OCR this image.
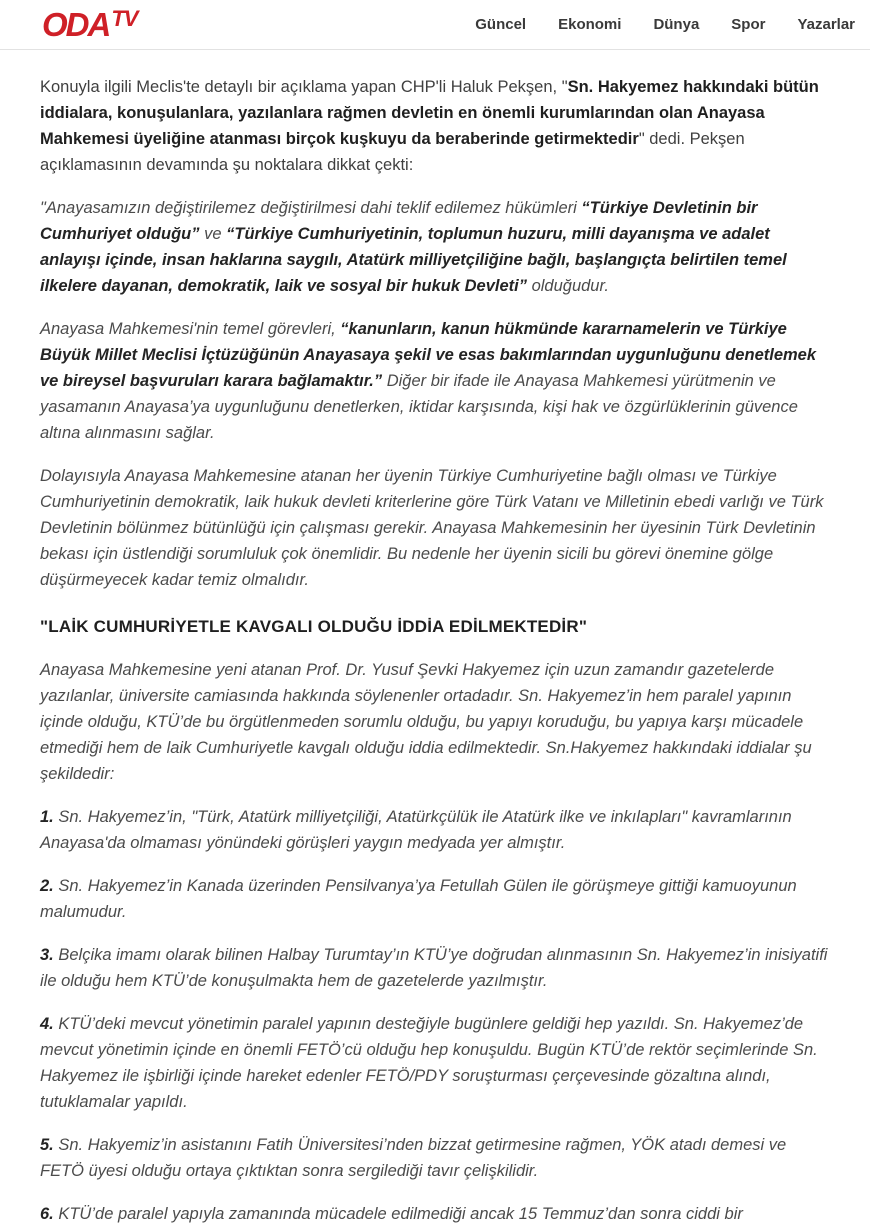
ODATV	Güncel Ekonomi Dünya Spor Yazarlar

Konuyla ilgili Meclis'te detaylı bir açıklama yapan CHP'li Haluk Pekşen, "Sn. Hakyemez hakkındaki bütün iddialara, konuşulanlara, yazılanlara rağmen devletin en önemli kurumlarından olan Anayasa Mahkemesi üyeliğine atanması birçok kuşkuyu da beraberinde getirmektedir" dedi. Pekşen açıklamasının devamında şu noktalara dikkat çekti:

"Anayasamızın değiştirilemez değiştirilmesi dahi teklif edilemez hükümleri “Türkiye Devletinin bir Cumhuriyet olduğu” ve “Türkiye Cumhuriyetinin, toplumun huzuru, milli dayanışma ve adalet anlayışı içinde, insan haklarına saygılı, Atatürk milliyetçiliğine bağlı, başlangıçta belirtilen temel ilkelere dayanan, demokratik, laik ve sosyal bir hukuk Devleti” olduğudur.

Anayasa Mahkemesi'nin temel görevleri, “kanunların, kanun hükmünde kararnamelerin ve Türkiye Büyük Millet Meclisi İçtüzüğünün Anayasaya şekil ve esas bakımlarından uygunluğunu denetlemek ve bireysel başvuruları karara bağlamaktır.” Diğer bir ifade ile Anayasa Mahkemesi yürütmenin ve yasamanın Anayasa’ya uygunluğunu denetlerken, iktidar karşısında, kişi hak ve özgürlüklerinin güvence altına alınmasını sağlar.

Dolayısıyla Anayasa Mahkemesine atanan her üyenin Türkiye Cumhuriyetine bağlı olması ve Türkiye Cumhuriyetinin demokratik, laik hukuk devleti kriterlerine göre Türk Vatanı ve Milletinin ebedi varlığı ve Türk Devletinin bölünmez bütünlüğü için çalışması gerekir. Anayasa Mahkemesinin her üyesinin Türk Devletinin bekası için üstlendiği sorumluluk çok önemlidir. Bu nedenle her üyenin sicili bu görevi önemine gölge düşürmeyecek kadar temiz olmalıdır.

"LAİK CUMHURİYETLE KAVGALI OLDUĞU İDDİA EDİLMEKTEDİR"

Anayasa Mahkemesine yeni atanan Prof. Dr. Yusuf Şevki Hakyemez için uzun zamandır gazetelerde yazılanlar, üniversite camiasında hakkında söylenenler ortadadır. Sn. Hakyemez’in hem paralel yapının içinde olduğu, KTÜ’de bu örgütlenmeden sorumlu olduğu, bu yapıyı koruduğu, bu yapıya karşı mücadele etmediği hem de laik Cumhuriyetle kavgalı olduğu iddia edilmektedir. Sn.Hakyemez hakkındaki iddialar şu şekildedir:

1. Sn. Hakyemez’in, "Türk, Atatürk milliyetçiliği, Atatürkçülük ile Atatürk ilke ve inkılapları" kavramlarının Anayasa'da olmaması yönündeki görüşleri yaygın medyada yer almıştır.

2. Sn. Hakyemez’in Kanada üzerinden Pensilvanya’ya Fetullah Gülen ile görüşmeye gittiği kamuoyunun malumudur.

3. Belçika imamı olarak bilinen Halbay Turumtay’ın KTÜ’ye doğrudan alınmasının Sn. Hakyemez’in inisiyatifi ile olduğu hem KTÜ’de konuşulmakta hem de gazetelerde yazılmıştır.

4. KTÜ’deki mevcut yönetimin paralel yapının desteğiyle bugünlere geldiği hep yazıldı. Sn. Hakyemez’de mevcut yönetimin içinde en önemli FETÖ’cü olduğu hep konuşuldu. Bugün KTÜ’de rektör seçimlerinde Sn. Hakyemez ile işbirliği içinde hareket edenler FETÖ/PDY soruşturması çerçevesinde gözaltına alındı, tutuklamalar yapıldı.

5. Sn. Hakyemiz’in asistanını Fatih Üniversitesi’nden bizzat getirmesine rağmen, YÖK atadı demesi ve FETÖ üyesi olduğu ortaya çıktıktan sonra sergilediği tavır çelişkilidir.

6. KTÜ’de paralel yapıyla zamanında mücadele edilmediği ancak 15 Temmuz’dan sonra ciddi bir
